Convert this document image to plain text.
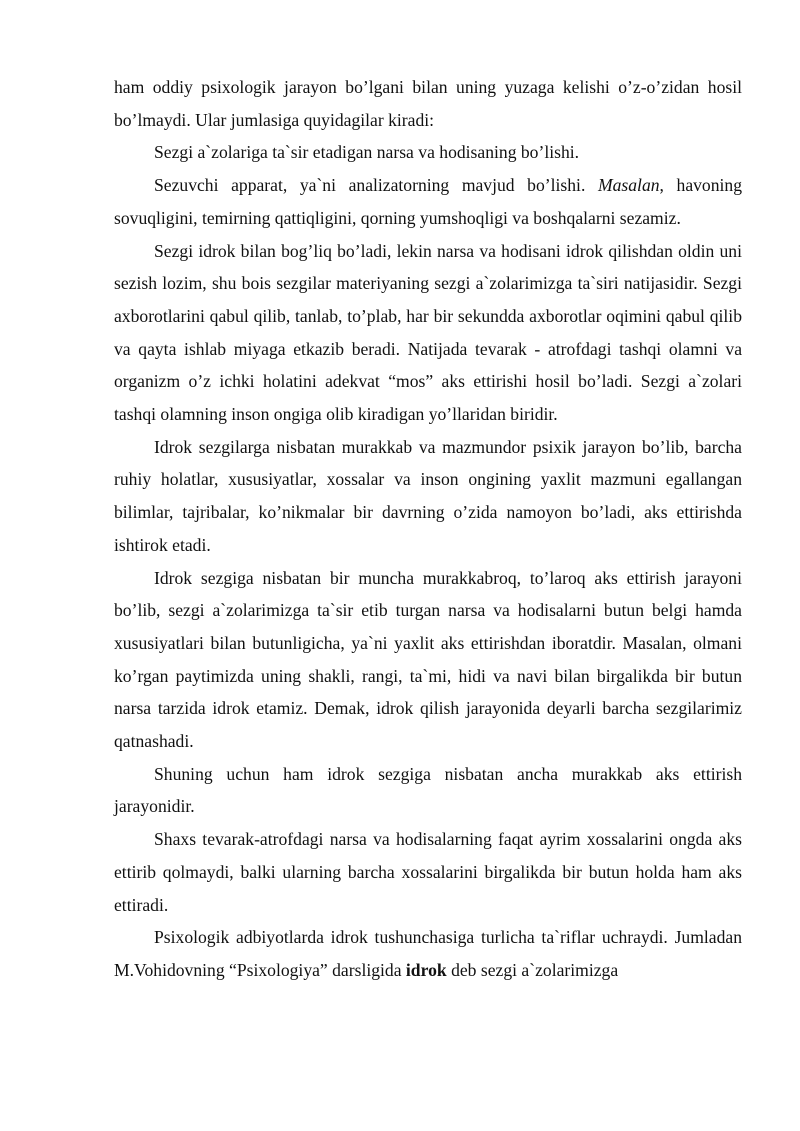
ham oddiy psixologik jarayon bo’lgani bilan uning yuzaga kelishi o’z-o’zidan hosil bo’lmaydi. Ular jumlasiga quyidagilar kiradi:

Sezgi a`zolariga ta`sir etadigan narsa va hodisaning bo’lishi.

Sezuvchi apparat, ya`ni analizatorning mavjud bo’lishi. Masalan, havoning sovuqligini, temirning qattiqligini, qorning yumshoqligi va boshqalarni sezamiz.

Sezgi idrok bilan bog’liq bo’ladi, lekin narsa va hodisani idrok qilishdan oldin uni sezish lozim, shu bois sezgilar materiyaning sezgi a`zolarimizga ta`siri natijasidir. Sezgi axborotlarini qabul qilib, tanlab, to’plab, har bir sekundda axborotlar oqimini qabul qilib va qayta ishlab miyaga etkazib beradi. Natijada tevarak - atrofdagi tashqi olamni va organizm o’z ichki holatini adekvat “mos” aks ettirishi hosil bo’ladi. Sezgi a`zolari tashqi olamning inson ongiga olib kiradigan yo’llaridan biridir.

Idrok sezgilarga nisbatan murakkab va mazmundor psixik jarayon bo’lib, barcha ruhiy holatlar, xususiyatlar, xossalar va inson ongining yaxlit mazmuni egallangan bilimlar, tajribalar, ko’nikmalar bir davrning o’zida namoyon bo’ladi, aks ettirishda ishtirok etadi.

Idrok sezgiga nisbatan bir muncha murakkabroq, to’laroq aks ettirish jarayoni bo’lib, sezgi a`zolarimizga ta`sir etib turgan narsa va hodisalarni butun belgi hamda xususiyatlari bilan butunligicha, ya`ni yaxlit aks ettirishdan iboratdir. Masalan, olmani ko’rgan paytimizda uning shakli, rangi, ta`mi, hidi va navi bilan birgalikda bir butun narsa tarzida idrok etamiz. Demak, idrok qilish jarayonida deyarli barcha sezgilarimiz qatnashadi.

Shuning uchun ham idrok sezgiga nisbatan ancha murakkab aks ettirish jarayonidir.

Shaxs tevarak-atrofdagi narsa va hodisalarning faqat ayrim xossalarini ongda aks ettirib qolmaydi, balki ularning barcha xossalarini birgalikda bir butun holda ham aks ettiradi.

Psixologik adbiyotlarda idrok tushunchasiga turlicha ta`riflar uchraydi. Jumladan M.Vohidovning “Psixologiya” darsligida idrok deb sezgi a`zolarimizga
